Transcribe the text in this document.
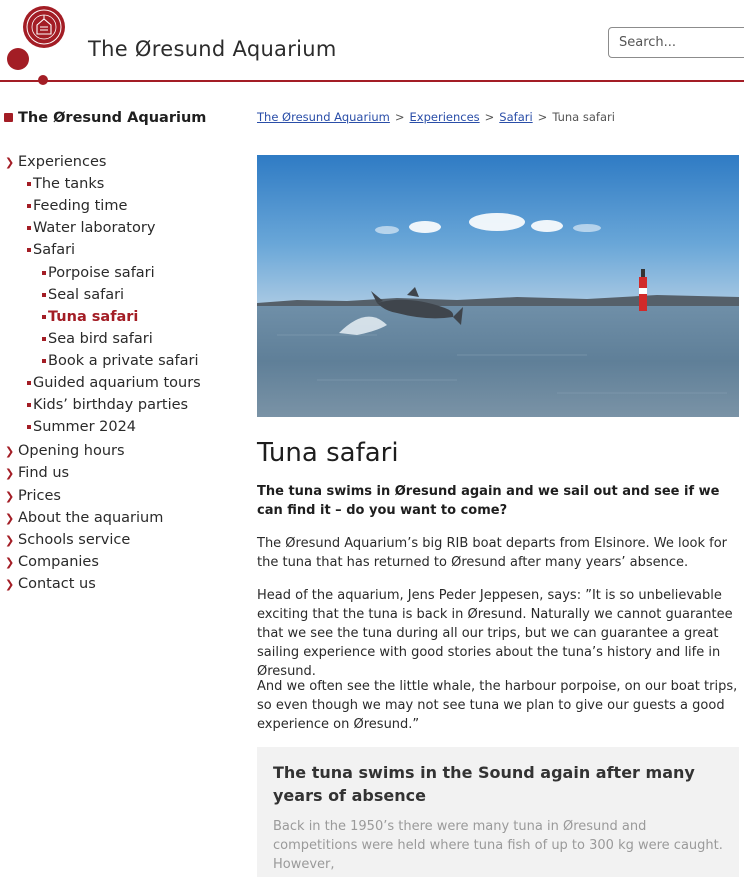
The Øresund Aquarium
Search...
The Øresund Aquarium
❯ Experiences
The tanks
Feeding time
Water laboratory
Safari
Porpoise safari
Seal safari
Tuna safari
Sea bird safari
Book a private safari
Guided aquarium tours
Kids’ birthday parties
Summer 2024
❯ Opening hours
❯ Find us
❯ Prices
❯ About the aquarium
❯ Schools service
❯ Companies
❯ Contact us
The Øresund Aquarium > Experiences > Safari > Tuna safari
Tuna safari

The tuna swims in Øresund again and we sail out and see if we can find it – do you want to come?

The Øresund Aquarium’s big RIB boat departs from Elsinore. We look for the tuna that has returned to Øresund after many years’ absence.

Head of the aquarium, Jens Peder Jeppesen, says: ”It is so unbelievable exciting that the tuna is back in Øresund. Naturally we cannot guarantee that we see the tuna during all our trips, but we can guarantee a great sailing experience with good stories about the tuna’s history and life in Øresund.

And we often see the little whale, the harbour porpoise, on our boat trips, so even though we may not see tuna we plan to give our guests a good experience on Øresund.”

The tuna swims in the Sound again after many years of absence

Back in the 1950’s there were many tuna in Øresund and competitions were held where tuna fish of up to 300 kg were caught. However,
